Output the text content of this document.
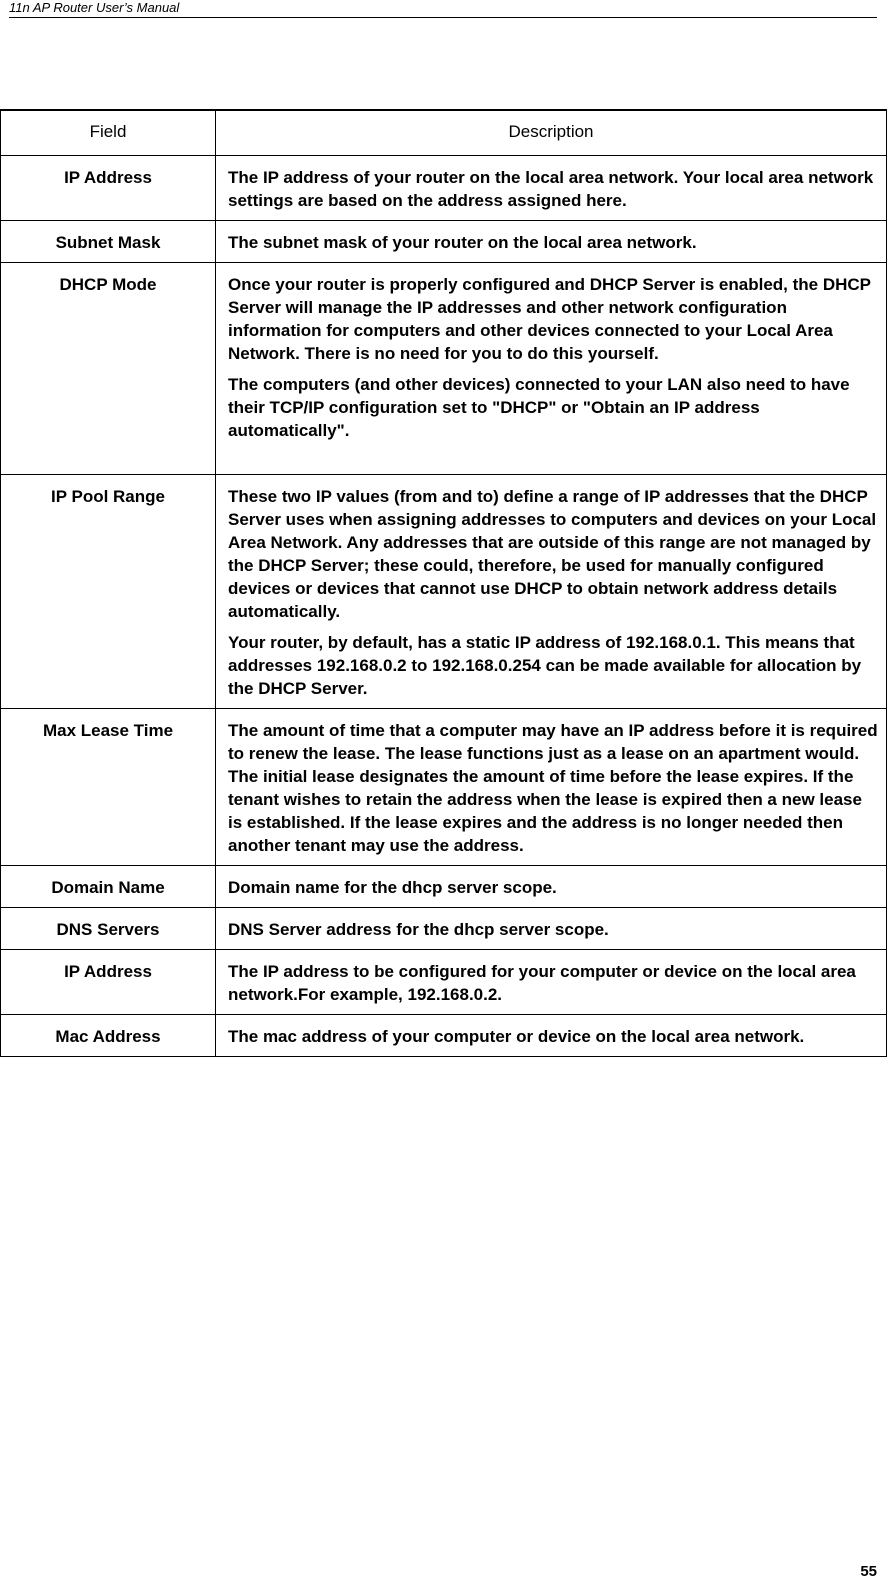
11n AP Router User’s Manual
Field	Description
IP Address	The IP address of your router on the local area network. Your local area network settings are based on the address assigned here.

Subnet Mask	The subnet mask of your router on the local area network.

DHCP Mode	Once your router is properly configured and DHCP Server is enabled, the DHCP Server will manage the IP addresses and other network configuration information for computers and other devices connected to your Local Area Network. There is no need for you to do this yourself.

The computers (and other devices) connected to your LAN also need to have their TCP/IP configuration set to "DHCP" or "Obtain an IP address automatically".

IP Pool Range	These two IP values (from and to) define a range of IP addresses that the DHCP Server uses when assigning addresses to computers and devices on your Local Area Network. Any addresses that are outside of this range are not managed by the DHCP Server; these could, therefore, be used for manually configured devices or devices that cannot use DHCP to obtain network address details automatically.

Your router, by default, has a static IP address of 192.168.0.1. This means that addresses 192.168.0.2 to 192.168.0.254 can be made available for allocation by the DHCP Server.

Max Lease Time	The amount of time that a computer may have an IP address before it is required to renew the lease. The lease functions just as a lease on an apartment would. The initial lease designates the amount of time before the lease expires. If the tenant wishes to retain the address when the lease is expired then a new lease is established. If the lease expires and the address is no longer needed then another tenant may use the address.

Domain Name	Domain name for the dhcp server scope.

DNS Servers	DNS Server address for the dhcp server scope.

IP Address	The IP address to be configured for your computer or device on the local area network.For example, 192.168.0.2.

Mac Address	The mac address of your computer or device on the local area network.

55
